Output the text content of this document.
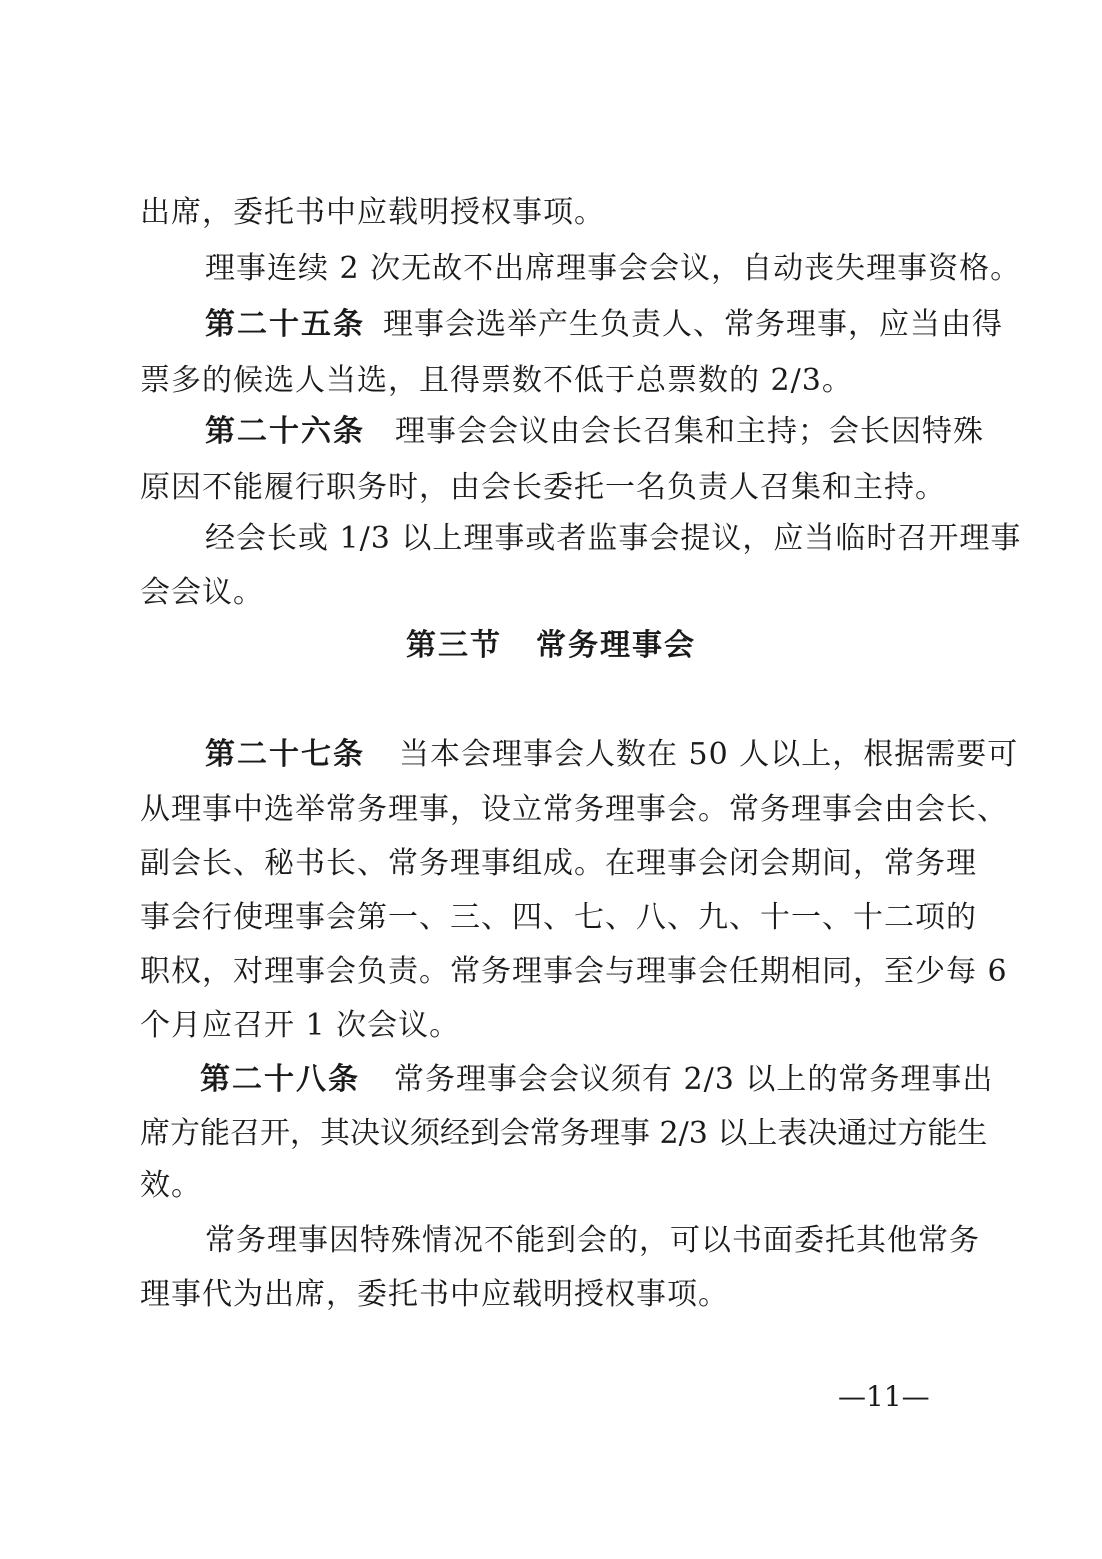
出席，委托书中应载明授权事项。
理事连续 2 次无故不出席理事会会议，自动丧失理事资格。
第二十五条 理事会选举产生负责人、常务理事，应当由得
票多的候选人当选，且得票数不低于总票数的 2/3。
第二十六条 理事会会议由会长召集和主持；会长因特殊
原因不能履行职务时，由会长委托一名负责人召集和主持。
经会长或 1/3 以上理事或者监事会提议，应当临时召开理事
会会议。
第三节 常务理事会
第二十七条 当本会理事会人数在 50 人以上，根据需要可
从理事中选举常务理事，设立常务理事会。常务理事会由会长、
副会长、秘书长、常务理事组成。在理事会闭会期间，常务理
事会行使理事会第一、三、四、七、八、九、十一、十二项的
职权，对理事会负责。常务理事会与理事会任期相同，至少每 6
个月应召开 1 次会议。
第二十八条 常务理事会会议须有 2/3 以上的常务理事出
席方能召开，其决议须经到会常务理事 2/3 以上表决通过方能生
效。
常务理事因特殊情况不能到会的，可以书面委托其他常务
理事代为出席，委托书中应载明授权事项。
—11—
